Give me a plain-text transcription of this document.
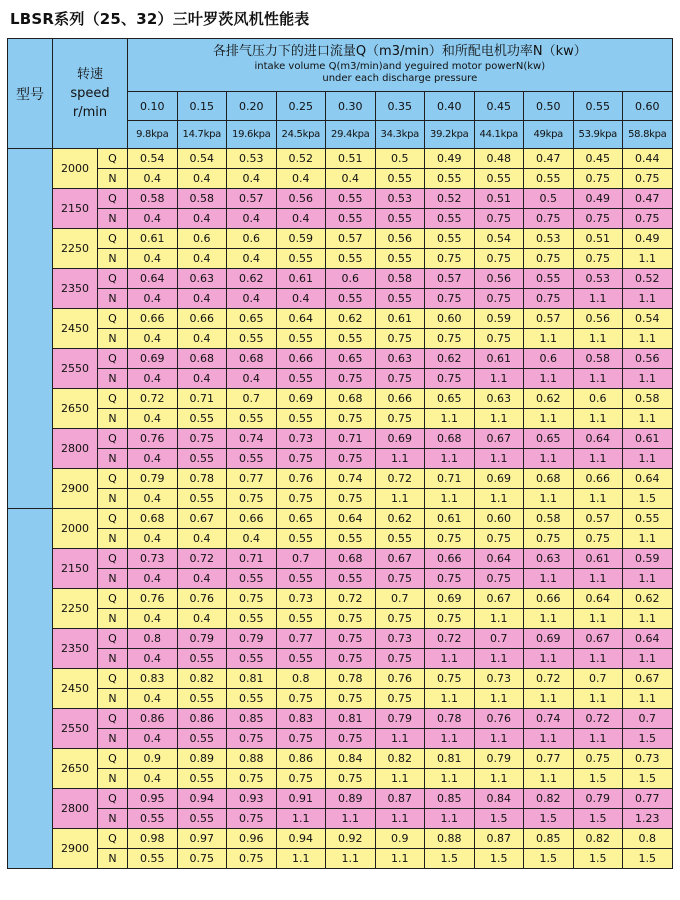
LBSR系列（25、32）三叶罗茨风机性能表
型号	转速
speed
r/min		各排气压力下的进口流量Q（m3/min）和所配电机功率N（kw）
intake volume Q(m3/min)and yeguired motor powerN(kw)
under each discharge pressure										

			0.10	0.15	0.20	0.25	0.30	0.35	0.40	0.45	0.50	0.55	0.60
			9.8kpa	14.7kpa	19.6kpa	24.5kpa	29.4kpa	34.3kpa	39.2kpa	44.1kpa	49kpa	53.9kpa	58.8kpa
	2000	Q	0.54	0.54	0.53	0.52	0.51	0.5	0.49	0.48	0.47	0.45	0.44
		N	0.4	0.4	0.4	0.4	0.4	0.55	0.55	0.55	0.55	0.75	0.75
	2150	Q	0.58	0.58	0.57	0.56	0.55	0.53	0.52	0.51	0.5	0.49	0.47
		N	0.4	0.4	0.4	0.4	0.55	0.55	0.55	0.75	0.75	0.75	0.75
	2250	Q	0.61	0.6	0.6	0.59	0.57	0.56	0.55	0.54	0.53	0.51	0.49
		N	0.4	0.4	0.4	0.55	0.55	0.55	0.75	0.75	0.75	0.75	1.1
	2350	Q	0.64	0.63	0.62	0.61	0.6	0.58	0.57	0.56	0.55	0.53	0.52
		N	0.4	0.4	0.4	0.4	0.55	0.55	0.75	0.75	0.75	1.1	1.1
	2450	Q	0.66	0.66	0.65	0.64	0.62	0.61	0.60	0.59	0.57	0.56	0.54
		N	0.4	0.4	0.55	0.55	0.55	0.75	0.75	0.75	1.1	1.1	1.1
	2550	Q	0.69	0.68	0.68	0.66	0.65	0.63	0.62	0.61	0.6	0.58	0.56
		N	0.4	0.4	0.4	0.55	0.75	0.75	0.75	1.1	1.1	1.1	1.1
	2650	Q	0.72	0.71	0.7	0.69	0.68	0.66	0.65	0.63	0.62	0.6	0.58
		N	0.4	0.55	0.55	0.55	0.75	0.75	1.1	1.1	1.1	1.1	1.1
	2800	Q	0.76	0.75	0.74	0.73	0.71	0.69	0.68	0.67	0.65	0.64	0.61
		N	0.4	0.55	0.55	0.75	0.75	1.1	1.1	1.1	1.1	1.1	1.1
	2900	Q	0.79	0.78	0.77	0.76	0.74	0.72	0.71	0.69	0.68	0.66	0.64
		N	0.4	0.55	0.75	0.75	0.75	1.1	1.1	1.1	1.1	1.1	1.5
	2000	Q	0.68	0.67	0.66	0.65	0.64	0.62	0.61	0.60	0.58	0.57	0.55
		N	0.4	0.4	0.4	0.55	0.55	0.55	0.75	0.75	0.75	0.75	1.1
	2150	Q	0.73	0.72	0.71	0.7	0.68	0.67	0.66	0.64	0.63	0.61	0.59
		N	0.4	0.4	0.55	0.55	0.55	0.75	0.75	0.75	1.1	1.1	1.1
	2250	Q	0.76	0.76	0.75	0.73	0.72	0.7	0.69	0.67	0.66	0.64	0.62
		N	0.4	0.4	0.55	0.55	0.75	0.75	0.75	1.1	1.1	1.1	1.1
	2350	Q	0.8	0.79	0.79	0.77	0.75	0.73	0.72	0.7	0.69	0.67	0.64
		N	0.4	0.55	0.55	0.55	0.75	0.75	1.1	1.1	1.1	1.1	1.1
	2450	Q	0.83	0.82	0.81	0.8	0.78	0.76	0.75	0.73	0.72	0.7	0.67
		N	0.4	0.55	0.55	0.75	0.75	0.75	1.1	1.1	1.1	1.1	1.1
	2550	Q	0.86	0.86	0.85	0.83	0.81	0.79	0.78	0.76	0.74	0.72	0.7
		N	0.4	0.55	0.75	0.75	0.75	1.1	1.1	1.1	1.1	1.1	1.5
	2650	Q	0.9	0.89	0.88	0.86	0.84	0.82	0.81	0.79	0.77	0.75	0.73
		N	0.4	0.55	0.75	0.75	0.75	1.1	1.1	1.1	1.1	1.5	1.5
	2800	Q	0.95	0.94	0.93	0.91	0.89	0.87	0.85	0.84	0.82	0.79	0.77
		N	0.55	0.55	0.75	1.1	1.1	1.1	1.1	1.5	1.5	1.5	1.23
	2900	Q	0.98	0.97	0.96	0.94	0.92	0.9	0.88	0.87	0.85	0.82	0.8
		N	0.55	0.75	0.75	1.1	1.1	1.1	1.5	1.5	1.5	1.5	1.5
